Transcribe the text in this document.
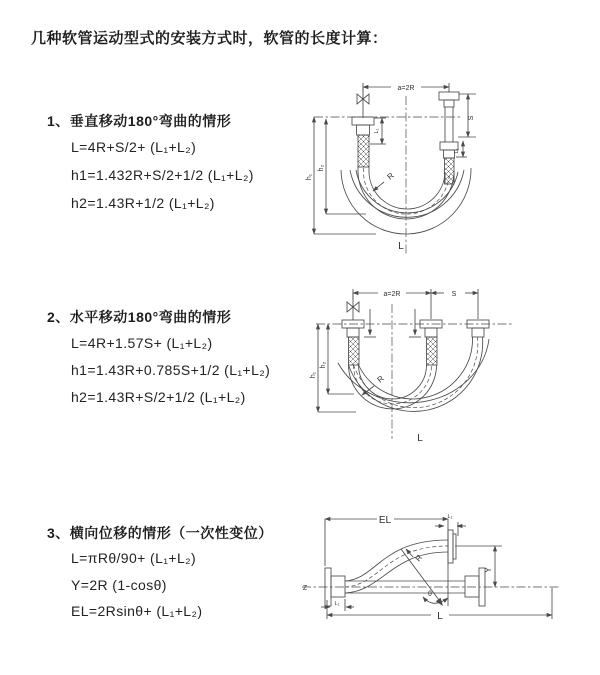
几种软管运动型式的安装方式时，软管的长度计算：
1、垂直移动180°弯曲的情形
L=4R+S/2+ (L₁+L₂)
h1=1.432R+S/2+1/2 (L₁+L₂)
h2=1.43R+1/2 (L₁+L₂)
a=2R
S
L₁
L₁
h₁
h₂
R
L
2、水平移动180°弯曲的情形
L=4R+1.57S+ (L₁+L₂)
h1=1.43R+0.785S+1/2 (L₁+L₂)
h2=1.43R+S/2+1/2 (L₁+L₂)
a=2R	S
h₁
h₂
R
L
3、横向位移的情形（一次性变位）
L=πRθ/90+ (L₁+L₂)
Y=2R (1-cosθ)
EL=2Rsinθ+ (L₁+L₂)
Z
EL	L₁
Y
R
θ
L
L₁
